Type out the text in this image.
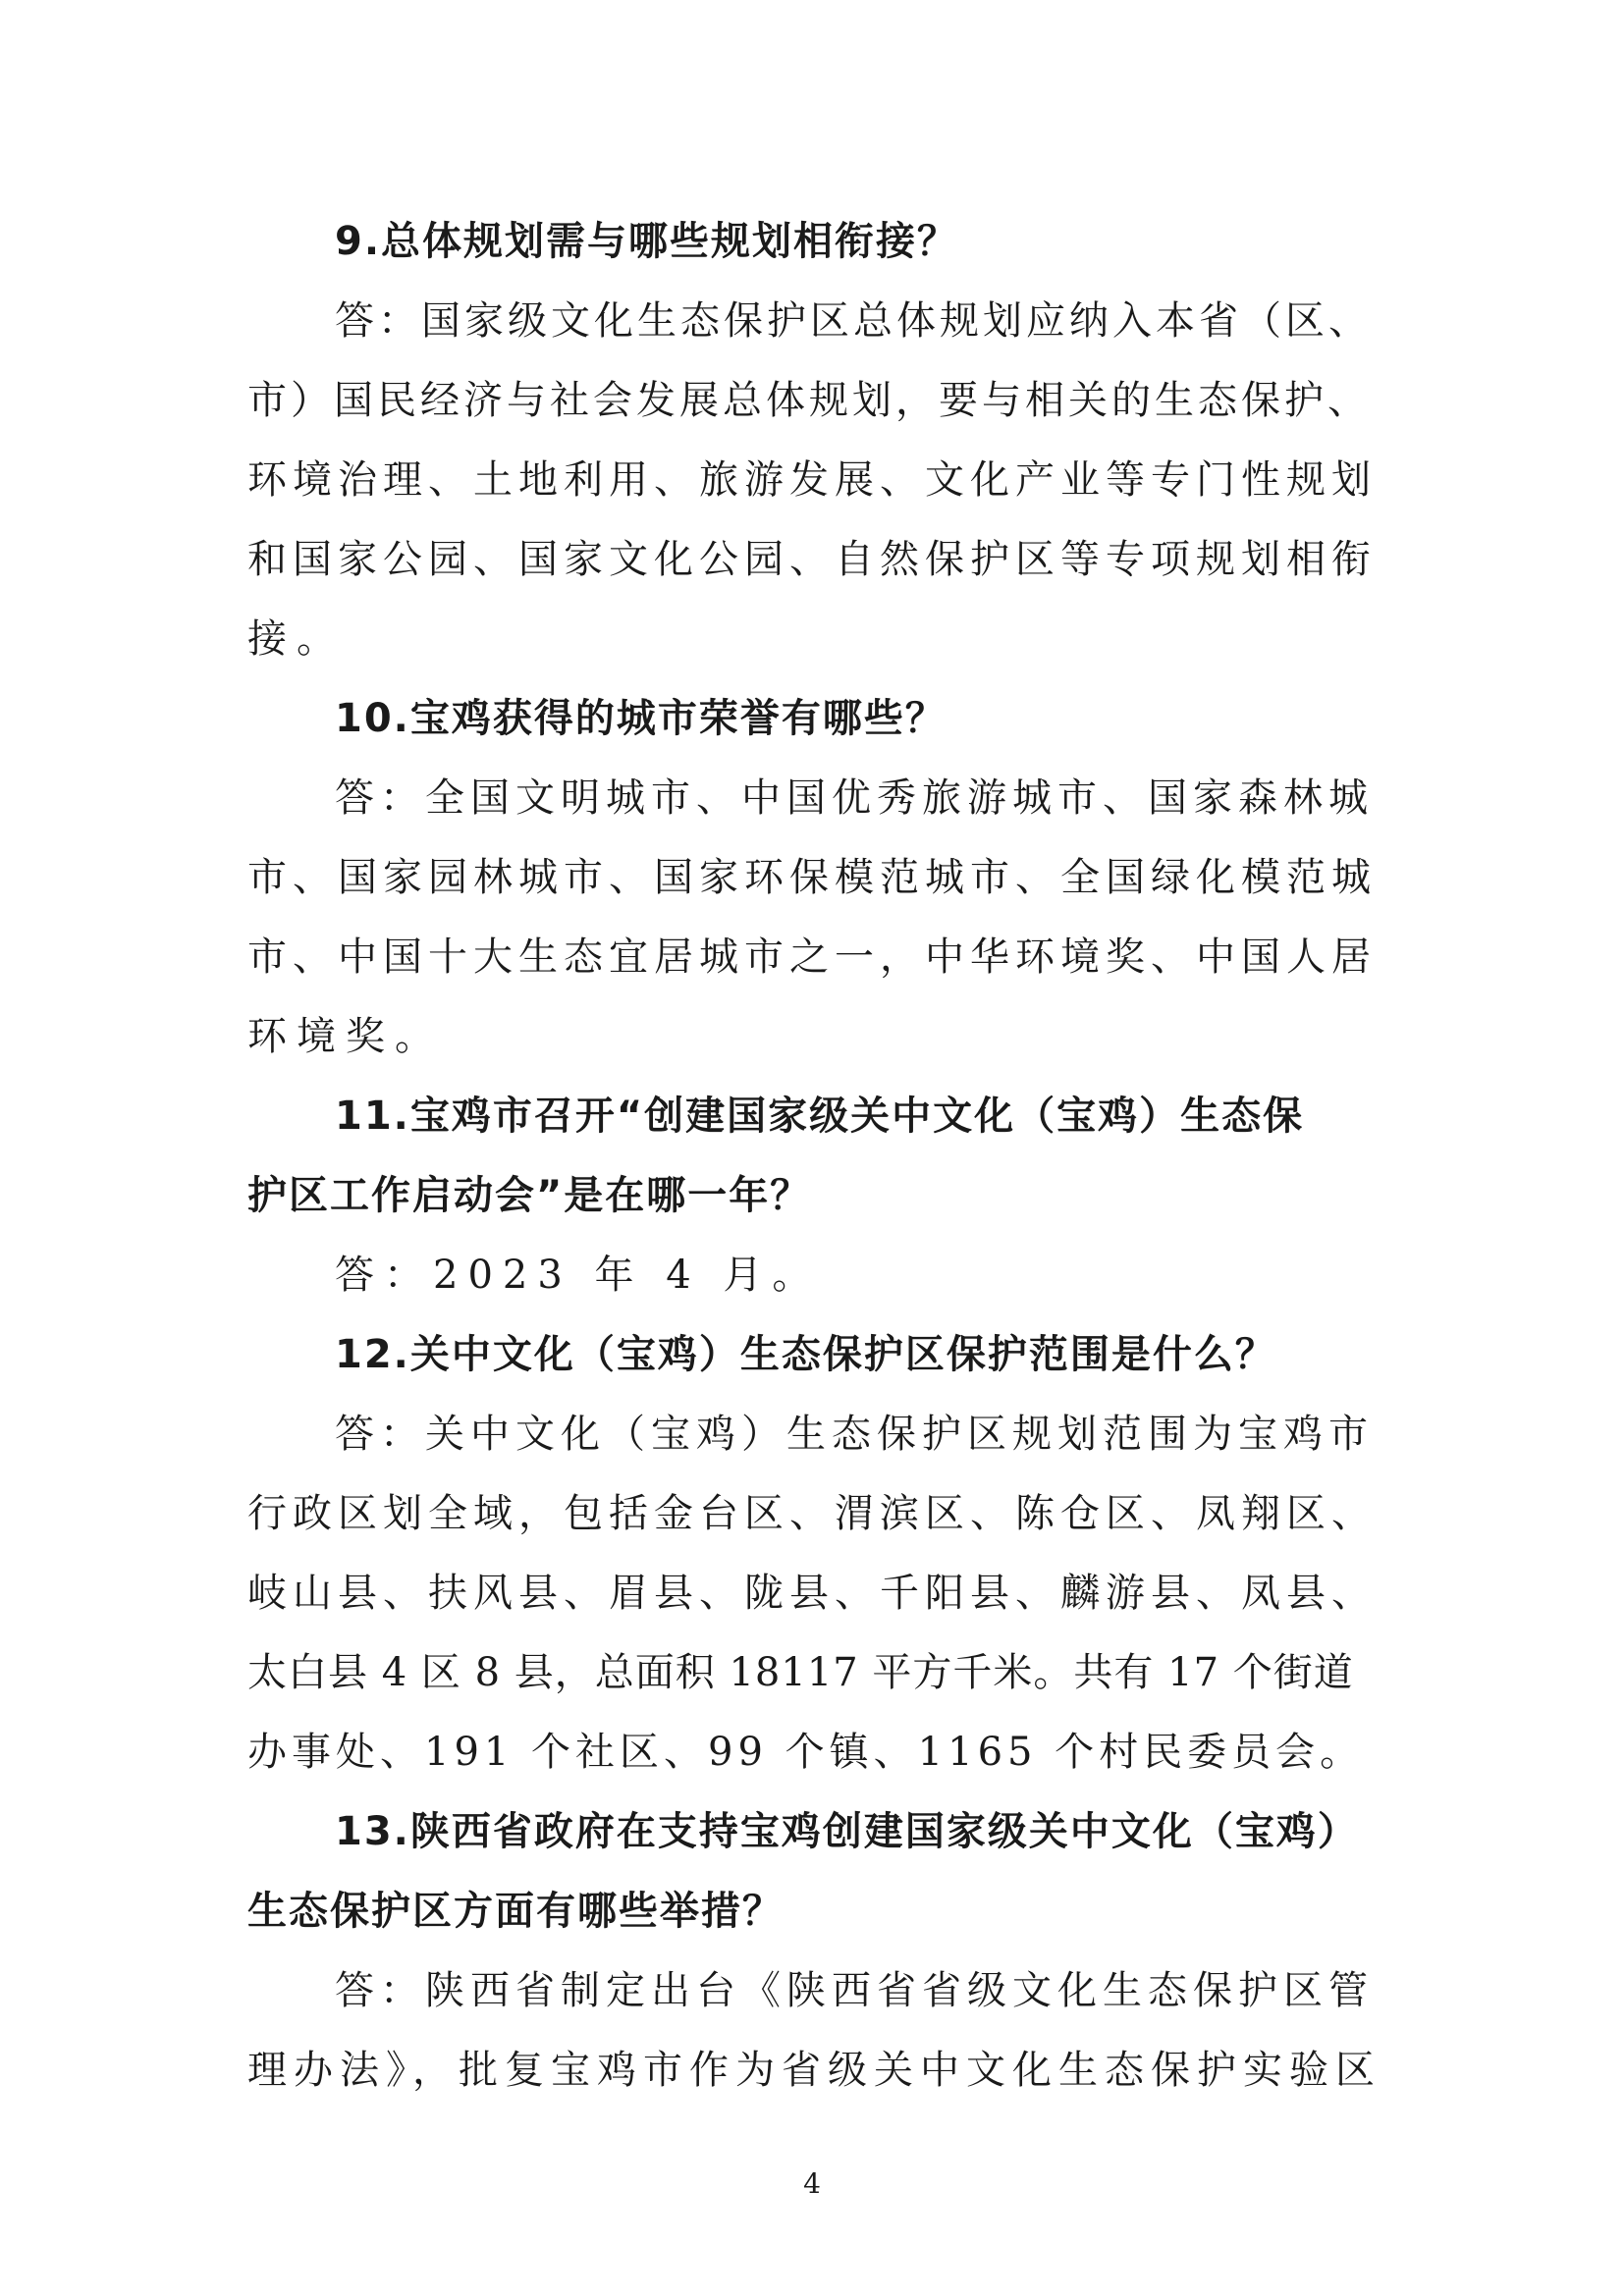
9.总体规划需与哪些规划相衔接？
答：国家级文化生态保护区总体规划应纳入本省（区、
市）国民经济与社会发展总体规划，要与相关的生态保护、
环境治理、土地利用、旅游发展、文化产业等专门性规划
和国家公园、国家文化公园、自然保护区等专项规划相衔
接。
10.宝鸡获得的城市荣誉有哪些？
答：全国文明城市、中国优秀旅游城市、国家森林城
市、国家园林城市、国家环保模范城市、全国绿化模范城
市、中国十大生态宜居城市之一，中华环境奖、中国人居
环境奖。
11.宝鸡市召开“创建国家级关中文化（宝鸡）生态保
护区工作启动会”是在哪一年？
答：2023 年 4 月。
12.关中文化（宝鸡）生态保护区保护范围是什么？
答：关中文化（宝鸡）生态保护区规划范围为宝鸡市
行政区划全域，包括金台区、渭滨区、陈仓区、凤翔区、
岐山县、扶风县、眉县、陇县、千阳县、麟游县、凤县、
太白县 4 区 8 县，总面积 18117 平方千米。共有 17 个街道
办事处、191 个社区、99 个镇、1165 个村民委员会。
13.陕西省政府在支持宝鸡创建国家级关中文化（宝鸡）
生态保护区方面有哪些举措？
答：陕西省制定出台《陕西省省级文化生态保护区管
理办法》，批复宝鸡市作为省级关中文化生态保护实验区
4
